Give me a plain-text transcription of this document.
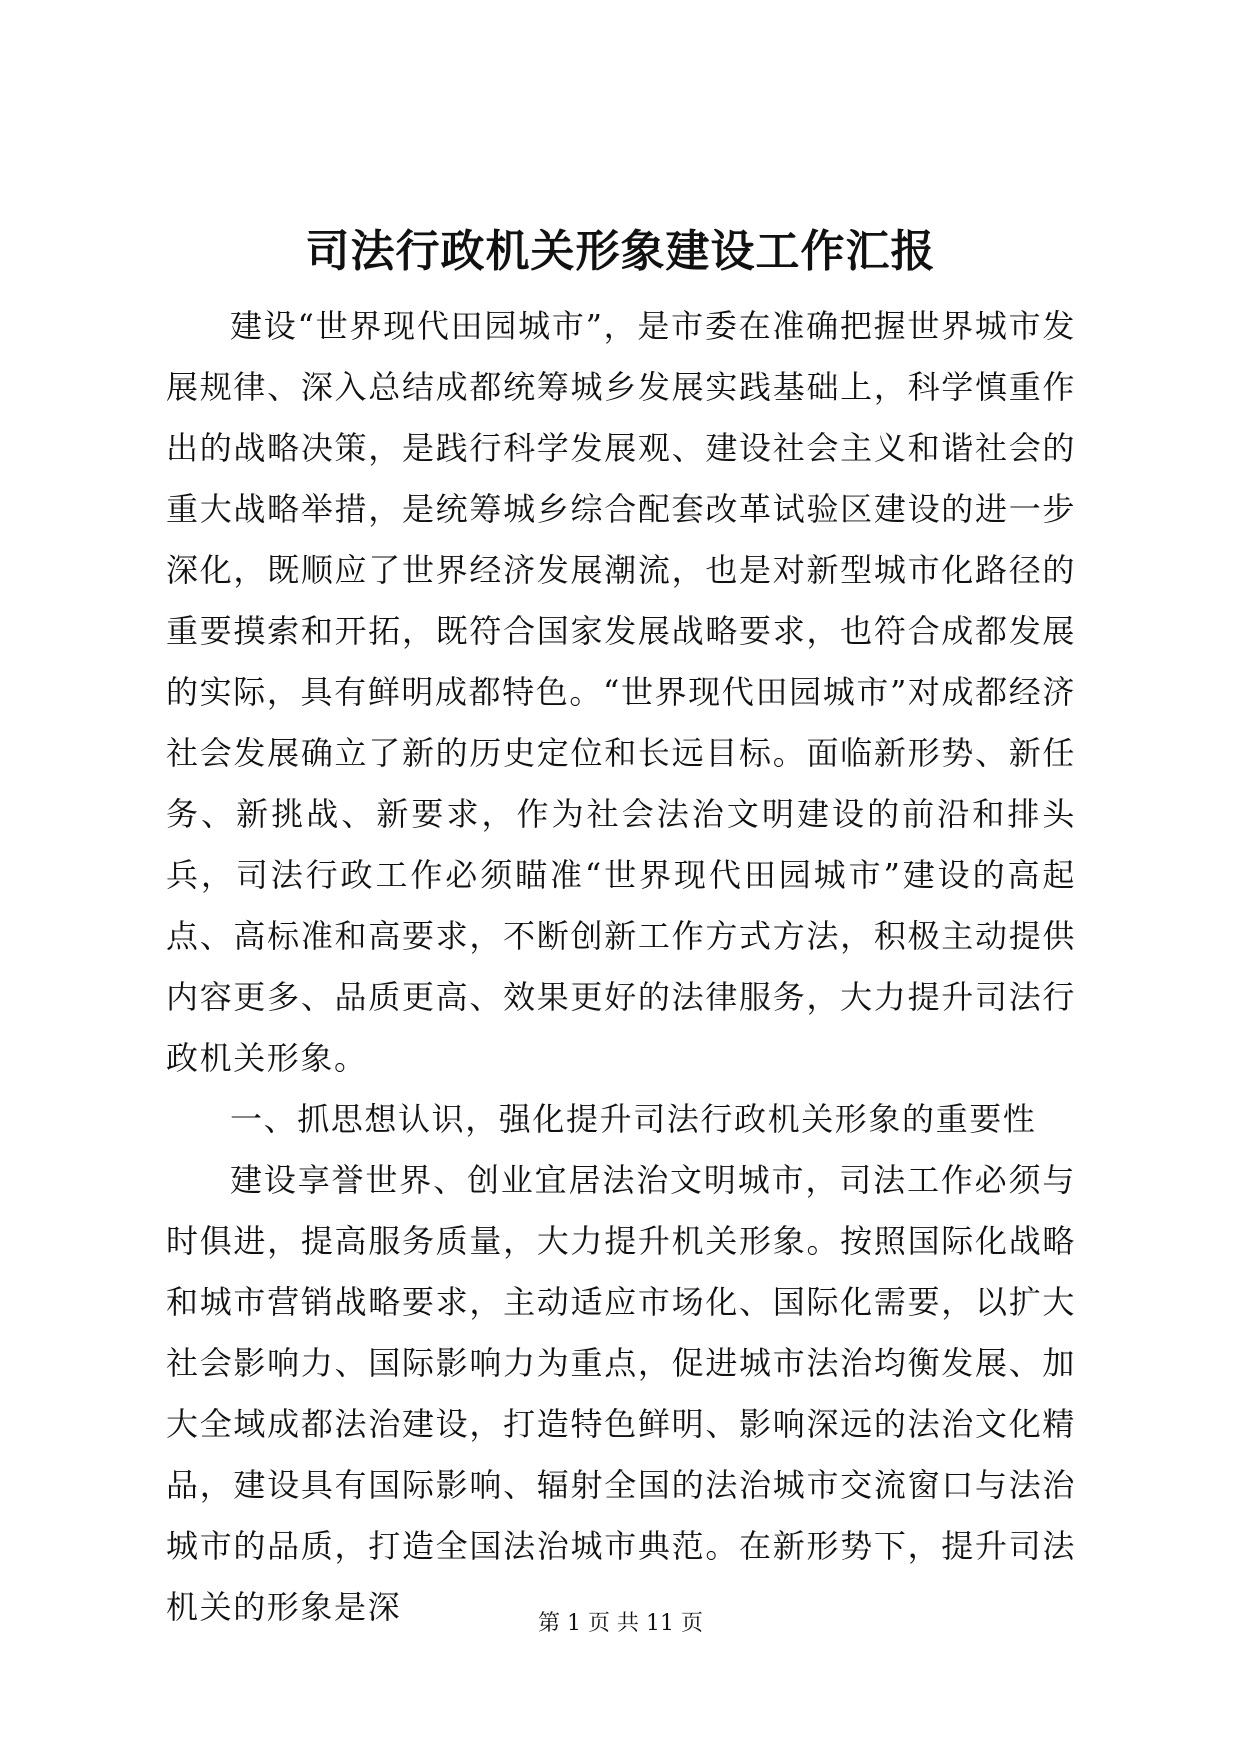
司法行政机关形象建设工作汇报

建设“世界现代田园城市”，是市委在准确把握世界城市发展规律、深入总结成都统筹城乡发展实践基础上，科学慎重作出的战略决策，是践行科学发展观、建设社会主义和谐社会的重大战略举措，是统筹城乡综合配套改革试验区建设的进一步深化，既顺应了世界经济发展潮流，也是对新型城市化路径的重要摸索和开拓，既符合国家发展战略要求，也符合成都发展的实际，具有鲜明成都特色。“世界现代田园城市”对成都经济社会发展确立了新的历史定位和长远目标。面临新形势、新任务、新挑战、新要求，作为社会法治文明建设的前沿和排头兵，司法行政工作必须瞄准“世界现代田园城市”建设的高起点、高标准和高要求，不断创新工作方式方法，积极主动提供内容更多、品质更高、效果更好的法律服务，大力提升司法行政机关形象。

一、抓思想认识，强化提升司法行政机关形象的重要性

建设享誉世界、创业宜居法治文明城市，司法工作必须与时俱进，提高服务质量，大力提升机关形象。按照国际化战略和城市营销战略要求，主动适应市场化、国际化需要，以扩大社会影响力、国际影响力为重点，促进城市法治均衡发展、加大全域成都法治建设，打造特色鲜明、影响深远的法治文化精品，建设具有国际影响、辐射全国的法治城市交流窗口与法治城市的品质，打造全国法治城市典范。在新形势下，提升司法机关的形象是深	第 1 页 共 11 页
